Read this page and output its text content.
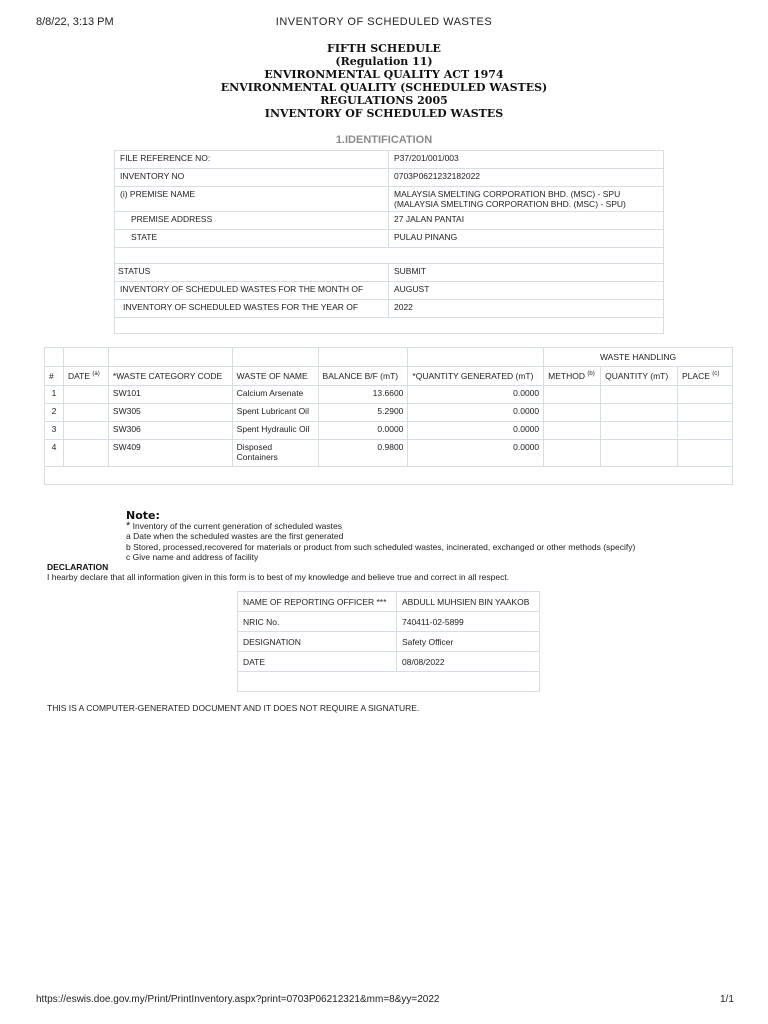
8/8/22, 3:13 PM	INVENTORY OF SCHEDULED WASTES
FIFTH SCHEDULE
(Regulation 11)
ENVIRONMENTAL QUALITY ACT 1974
ENVIRONMENTAL QUALITY (SCHEDULED WASTES)
REGULATIONS 2005
INVENTORY OF SCHEDULED WASTES
1.IDENTIFICATION
FILE REFERENCE NO:	P37/201/001/003
INVENTORY NO	0703P0621232182022
(i) PREMISE NAME	MALAYSIA SMELTING CORPORATION BHD. (MSC) - SPU
(MALAYSIA SMELTING CORPORATION BHD. (MSC) - SPU)

PREMISE ADDRESS	27 JALAN PANTAI
STATE	PULAU PINANG

STATUS	SUBMIT
INVENTORY OF SCHEDULED WASTES FOR THE MONTH OF	AUGUST
INVENTORY OF SCHEDULED WASTES FOR THE YEAR OF	2022

						WASTE HANDLING		
#	DATE $^{(a)}$	*WASTE CATEGORY CODE	WASTE OF NAME	BALANCE B/F (mT)	*QUANTITY GENERATED (mT)	METHOD $^{(b)}$	QUANTITY (mT)	PLACE $^{(c)}$
1		SW101	Calcium Arsenate	13.6600	0.0000			
2		SW305	Spent Lubricant Oil	5.2900	0.0000			
3		SW306	Spent Hydraulic Oil	0.0000	0.0000			
4		SW409	Disposed
Containers	0.9800	0.0000			

Note:
* Inventory of the current generation of scheduled wastes
a Date when the scheduled wastes are the first generated
b Stored, processed,recovered for materials or product from such scheduled wastes, incinerated, exchanged or other methods (specify)
c Give name and address of facility
DECLARATION
I hearby declare that all information given in this form is to best of my knowledge and believe true and correct in all respect.
NAME OF REPORTING OFFICER ***	ABDULL MUHSIEN BIN YAAKOB
NRIC No.	740411-02-5899
DESIGNATION	Safety Officer
DATE	08/08/2022

THIS IS A COMPUTER-GENERATED DOCUMENT AND IT DOES NOT REQUIRE A SIGNATURE.
https://eswis.doe.gov.my/Print/PrintInventory.aspx?print=0703P06212321&mm=8&yy=2022	1/1
